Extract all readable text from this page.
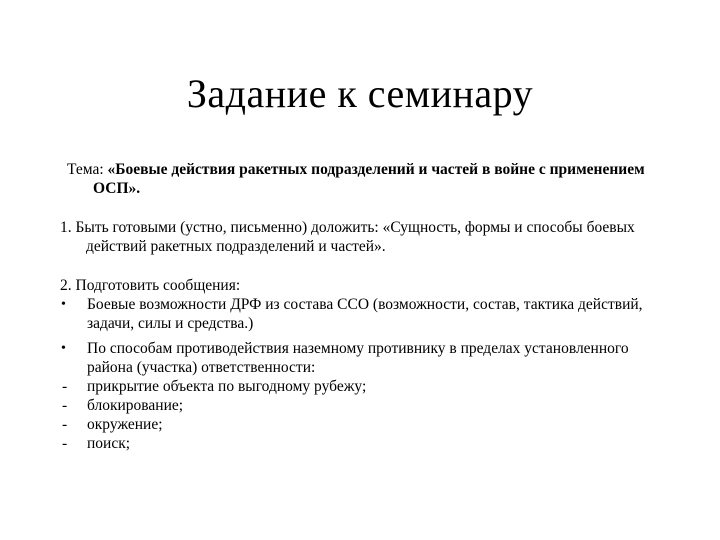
Задание к семинару

Тема: «Боевые действия ракетных подразделений и частей в войне с применением ОСП».

1. Быть готовыми (устно, письменно) доложить: «Сущность, формы и способы боевых действий ракетных подразделений и частей».

2. Подготовить сообщения:

•	Боевые возможности ДРФ из состава ССО (возможности, состав, тактика действий, задачи, силы и средства.)
•	По способам противодействия наземному противнику в пределах установленного района (участка) ответственности:
-	прикрытие объекта по выгодному рубежу;
-	блокирование;
-	окружение;
-	поиск;
